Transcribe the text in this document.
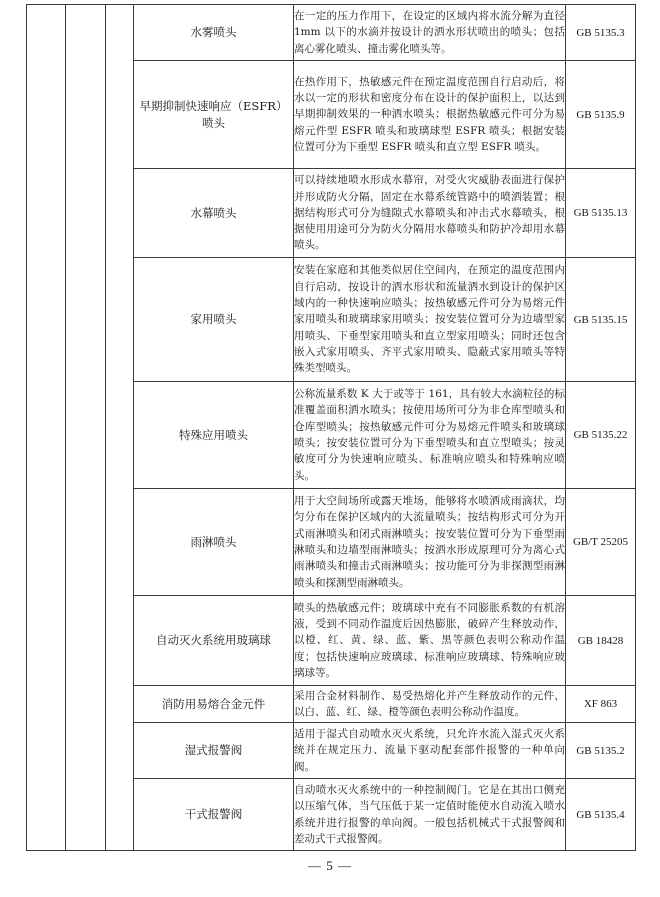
			水雾喷头	在一定的压力作用下，在设定的区域内将水流分解为直径 1mm 以下的水滴并按设计的洒水形状喷出的喷头；包括离心雾化喷头、撞击雾化喷头等。	GB 5135.3
			早期抑制快速响应（ESFR）喷头	在热作用下，热敏感元件在预定温度范围自行启动后，将水以一定的形状和密度分布在设计的保护面积上，以达到早期抑制效果的一种洒水喷头；根据热敏感元件可分为易熔元件型 ESFR 喷头和玻璃球型 ESFR 喷头；根据安装位置可分为下垂型 ESFR 喷头和直立型 ESFR 喷头。	GB 5135.9
			水幕喷头	可以持续地喷水形成水幕帘，对受火灾威胁表面进行保护并形成防火分隔，固定在水幕系统管路中的喷洒装置；根据结构形式可分为缝隙式水幕喷头和冲击式水幕喷头，根据使用用途可分为防火分隔用水幕喷头和防护冷却用水幕喷头。	GB 5135.13
			家用喷头	安装在家庭和其他类似居住空间内，在预定的温度范围内自行启动，按设计的洒水形状和流量洒水到设计的保护区域内的一种快速响应喷头；按热敏感元件可分为易熔元件家用喷头和玻璃球家用喷头；按安装位置可分为边墙型家用喷头、下垂型家用喷头和直立型家用喷头；同时还包含嵌入式家用喷头、齐平式家用喷头、隐蔽式家用喷头等特殊类型喷头。	GB 5135.15
			特殊应用喷头	公称流量系数 K 大于或等于 161，具有较大水滴粒径的标准覆盖面积洒水喷头；按使用场所可分为非仓库型喷头和仓库型喷头；按热敏感元件可分为易熔元件喷头和玻璃球喷头；按安装位置可分为下垂型喷头和直立型喷头；按灵敏度可分为快速响应喷头、标准响应喷头和特殊响应喷头。	GB 5135.22
			雨淋喷头	用于大空间场所或露天堆场，能够将水喷洒成雨滴状，均匀分布在保护区域内的大流量喷头；按结构形式可分为开式雨淋喷头和闭式雨淋喷头；按安装位置可分为下垂型雨淋喷头和边墙型雨淋喷头；按洒水形成原理可分为离心式雨淋喷头和撞击式雨淋喷头；按功能可分为非探测型雨淋喷头和探测型雨淋喷头。	GB/T 25205
			自动灭火系统用玻璃球	喷头的热敏感元件；玻璃球中充有不同膨胀系数的有机溶液，受到不同动作温度后因热膨胀，破碎产生释放动作，以橙、红、黄、绿、蓝、紫、黑等颜色表明公称动作温度；包括快速响应玻璃球、标准响应玻璃球、特殊响应玻璃球等。	GB 18428
			消防用易熔合金元件	采用合金材料制作、易受热熔化并产生释放动作的元件，以白、蓝、红、绿、橙等颜色表明公称动作温度。	XF 863
			湿式报警阀	适用于湿式自动喷水灭火系统，只允许水流入湿式灭火系统并在规定压力、流量下驱动配套部件报警的一种单向阀。	GB 5135.2
			干式报警阀	自动喷水灭火系统中的一种控制阀门。它是在其出口侧充以压缩气体，当气压低于某一定值时能使水自动流入喷水系统并进行报警的单向阀。一般包括机械式干式报警阀和差动式干式报警阀。	GB 5135.4
— 5 —
